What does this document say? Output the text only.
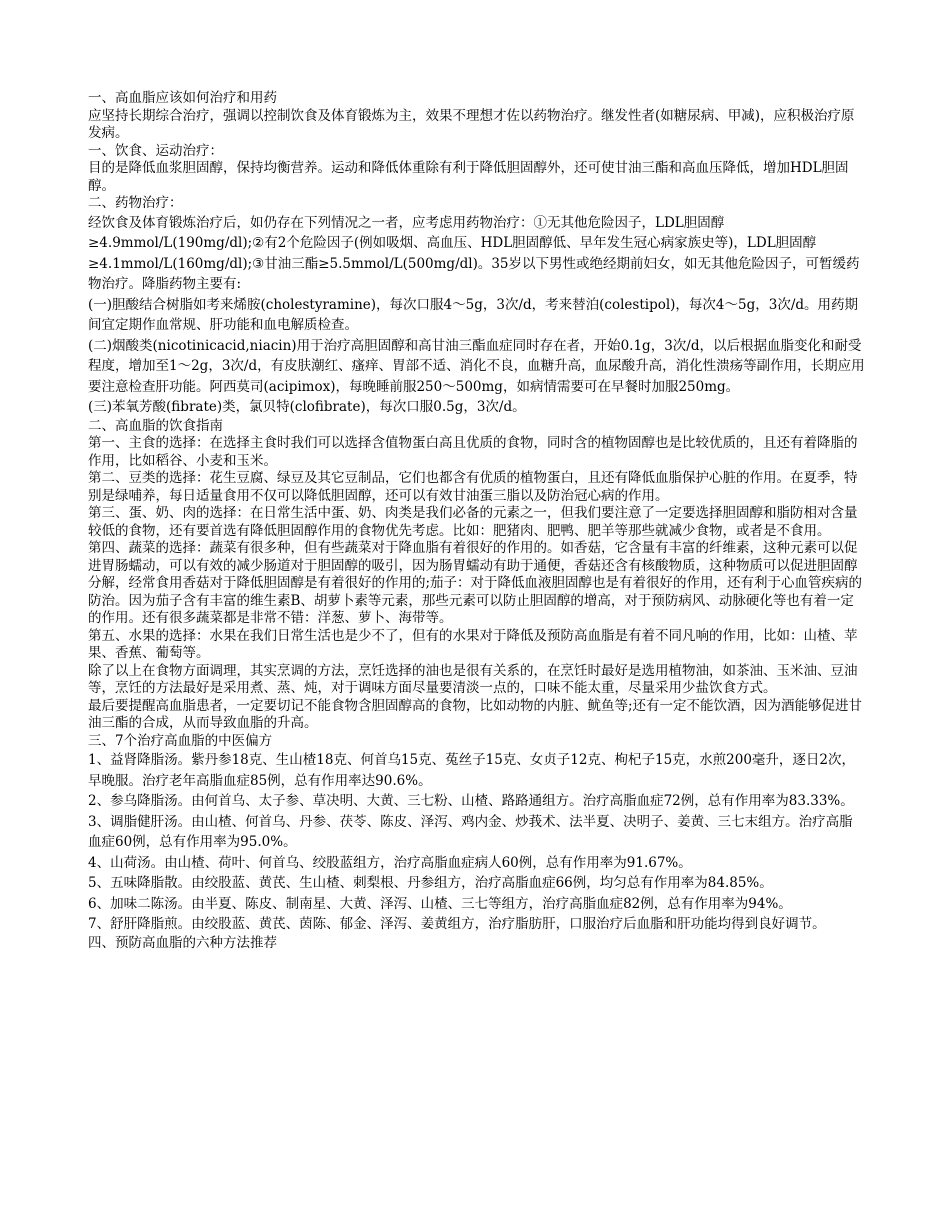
一、高血脂应该如何治疗和用药

应坚持长期综合治疗，强调以控制饮食及体育锻炼为主，效果不理想才佐以药物治疗。继发性者(如糖尿病、甲减)，应积极治疗原发病。

一、饮食、运动治疗：

目的是降低血浆胆固醇，保持均衡营养。运动和降低体重除有利于降低胆固醇外，还可使甘油三酯和高血压降低，增加HDL胆固醇。

二、药物治疗：

经饮食及体育锻炼治疗后，如仍存在下列情况之一者，应考虑用药物治疗：①无其他危险因子，LDL胆固醇≥4.9mmol/L(190mg/dl);②有2个危险因子(例如吸烟、高血压、HDL胆固醇低、早年发生冠心病家族史等)，LDL胆固醇≥4.1mmol/L(160mg/dl);③甘油三酯≥5.5mmol/L(500mg/dl)。35岁以下男性或绝经期前妇女，如无其他危险因子，可暂缓药物治疗。降脂药物主要有:

(一)胆酸结合树脂如考来烯胺(cholestyramine)，每次口服4～5g，3次/d，考来替泊(colestipol)，每次4～5g，3次/d。用药期间宜定期作血常规、肝功能和血电解质检查。

(二)烟酸类(nicotinicacid,niacin)用于治疗高胆固醇和高甘油三酯血症同时存在者，开始0.1g，3次/d，以后根据血脂变化和耐受程度，增加至1～2g，3次/d，有皮肤潮红、瘙痒、胃部不适、消化不良，血糖升高，血尿酸升高，消化性溃疡等副作用，长期应用要注意检查肝功能。阿西莫司(acipimox)，每晚睡前服250～500mg，如病情需要可在早餐时加服250mg。

(三)苯氧芳酸(fibrate)类，氯贝特(clofibrate)，每次口服0.5g，3次/d。

二、高血脂的饮食指南

第一、主食的选择：在选择主食时我们可以选择含值物蛋白高且优质的食物，同时含的植物固醇也是比较优质的，且还有着降脂的作用，比如稻谷、小麦和玉米。

第二、豆类的选择：花生豆腐、绿豆及其它豆制品，它们也都含有优质的植物蛋白，且还有降低血脂保护心脏的作用。在夏季，特别是绿哺养，每日适量食用不仅可以降低胆固醇，还可以有效甘油蛋三脂以及防治冠心病的作用。

第三、蛋、奶、肉的选择：在日常生活中蛋、奶、肉类是我们必备的元素之一，但我们要注意了一定要选择胆固醇和脂防相对含量较低的食物，还有要首选有降低胆固醇作用的食物优先考虑。比如：肥猪肉、肥鸭、肥羊等那些就减少食物，或者是不食用。

第四、蔬菜的选择：蔬菜有很多种，但有些蔬菜对于降血脂有着很好的作用的。如香菇，它含量有丰富的纤维素，这种元素可以促进胃肠蠕动，可以有效的减少肠道对于胆固醇的吸引，因为肠胃蠕动有助于通便，香菇还含有核酸物质，这种物质可以促进胆固醇分解，经常食用香菇对于降低胆固醇是有着很好的作用的;茄子：对于降低血液胆固醇也是有着很好的作用，还有利于心血管疾病的防治。因为茄子含有丰富的维生素B、胡萝卜素等元素，那些元素可以防止胆固醇的增高，对于预防病风、动脉硬化等也有着一定的作用。还有很多蔬菜都是非常不错：洋葱、萝卜、海带等。

第五、水果的选择：水果在我们日常生活也是少不了，但有的水果对于降低及预防高血脂是有着不同凡响的作用，比如：山楂、苹果、香蕉、葡萄等。

除了以上在食物方面调理，其实烹调的方法，烹饪选择的油也是很有关系的，在烹饪时最好是选用植物油，如茶油、玉米油、豆油等，烹饪的方法最好是采用煮、蒸、炖，对于调味方面尽量要清淡一点的，口味不能太重，尽量采用少盐饮食方式。

最后要提醒高血脂患者，一定要切记不能食物含胆固醇高的食物，比如动物的内脏、鱿鱼等;还有一定不能饮酒，因为酒能够促进甘油三酯的合成，从而导致血脂的升高。

三、7个治疗高血脂的中医偏方

1、益肾降脂汤。紫丹参18克、生山楂18克、何首乌15克、菟丝子15克、女贞子12克、枸杞子15克，水煎200毫升，逐日2次，早晚服。治疗老年高脂血症85例，总有作用率达90.6%。

2、参乌降脂汤。由何首乌、太子参、草决明、大黄、三七粉、山楂、路路通组方。治疗高脂血症72例，总有作用率为83.33%。

3、调脂健肝汤。由山楂、何首乌、丹参、茯苓、陈皮、泽泻、鸡内金、炒莪术、法半夏、决明子、姜黄、三七末组方。治疗高脂血症60例，总有作用率为95.0%。

4、山荷汤。由山楂、荷叶、何首乌、绞股蓝组方，治疗高脂血症病人60例，总有作用率为91.67%。

5、五味降脂散。由绞股蓝、黄芪、生山楂、刺梨根、丹参组方，治疗高脂血症66例，均匀总有作用率为84.85%。

6、加味二陈汤。由半夏、陈皮、制南星、大黄、泽泻、山楂、三七等组方，治疗高脂血症82例，总有作用率为94%。

7、舒肝降脂煎。由绞股蓝、黄芪、茵陈、郁金、泽泻、姜黄组方，治疗脂肪肝，口服治疗后血脂和肝功能均得到良好调节。

四、预防高血脂的六种方法推荐
